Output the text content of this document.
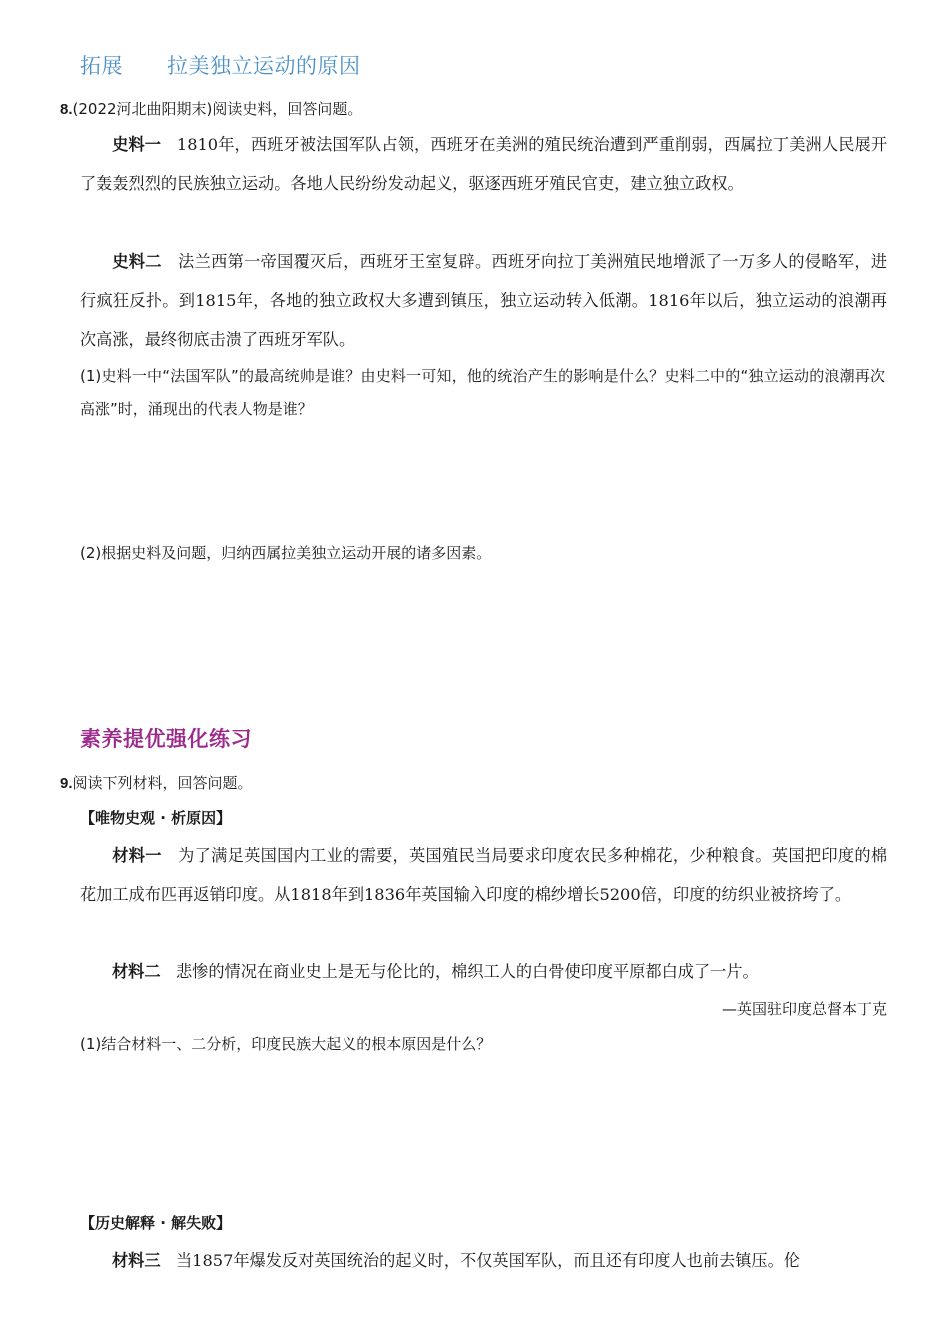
拓展 拉美独立运动的原因
8.(2022河北曲阳期末)阅读史料，回答问题。
史料一 1810年，西班牙被法国军队占领，西班牙在美洲的殖民统治遭到严重削弱，西属拉丁美洲人民展开了轰轰烈烈的民族独立运动。各地人民纷纷发动起义，驱逐西班牙殖民官吏，建立独立政权。
史料二 法兰西第一帝国覆灭后，西班牙王室复辟。西班牙向拉丁美洲殖民地增派了一万多人的侵略军，进行疯狂反扑。到1815年，各地的独立政权大多遭到镇压，独立运动转入低潮。1816年以后，独立运动的浪潮再次高涨，最终彻底击溃了西班牙军队。
(1)史料一中“法国军队”的最高统帅是谁？由史料一可知，他的统治产生的影响是什么？史料二中的“独立运动的浪潮再次高涨”时，涌现出的代表人物是谁？
(2)根据史料及问题，归纳西属拉美独立运动开展的诸多因素。
素养提优强化练习
9.阅读下列材料，回答问题。
【唯物史观 · 析原因】
材料一 为了满足英国国内工业的需要，英国殖民当局要求印度农民多种棉花，少种粮食。英国把印度的棉花加工成布匹再返销印度。从1818年到1836年英国输入印度的棉纱增长5200倍，印度的纺织业被挤垮了。
材料二 悲惨的情况在商业史上是无与伦比的，棉织工人的白骨使印度平原都白成了一片。
—英国驻印度总督本丁克
(1)结合材料一、二分析，印度民族大起义的根本原因是什么？
【历史解释 · 解失败】
材料三 当1857年爆发反对英国统治的起义时，不仅英国军队，而且还有印度人也前去镇压。伦
